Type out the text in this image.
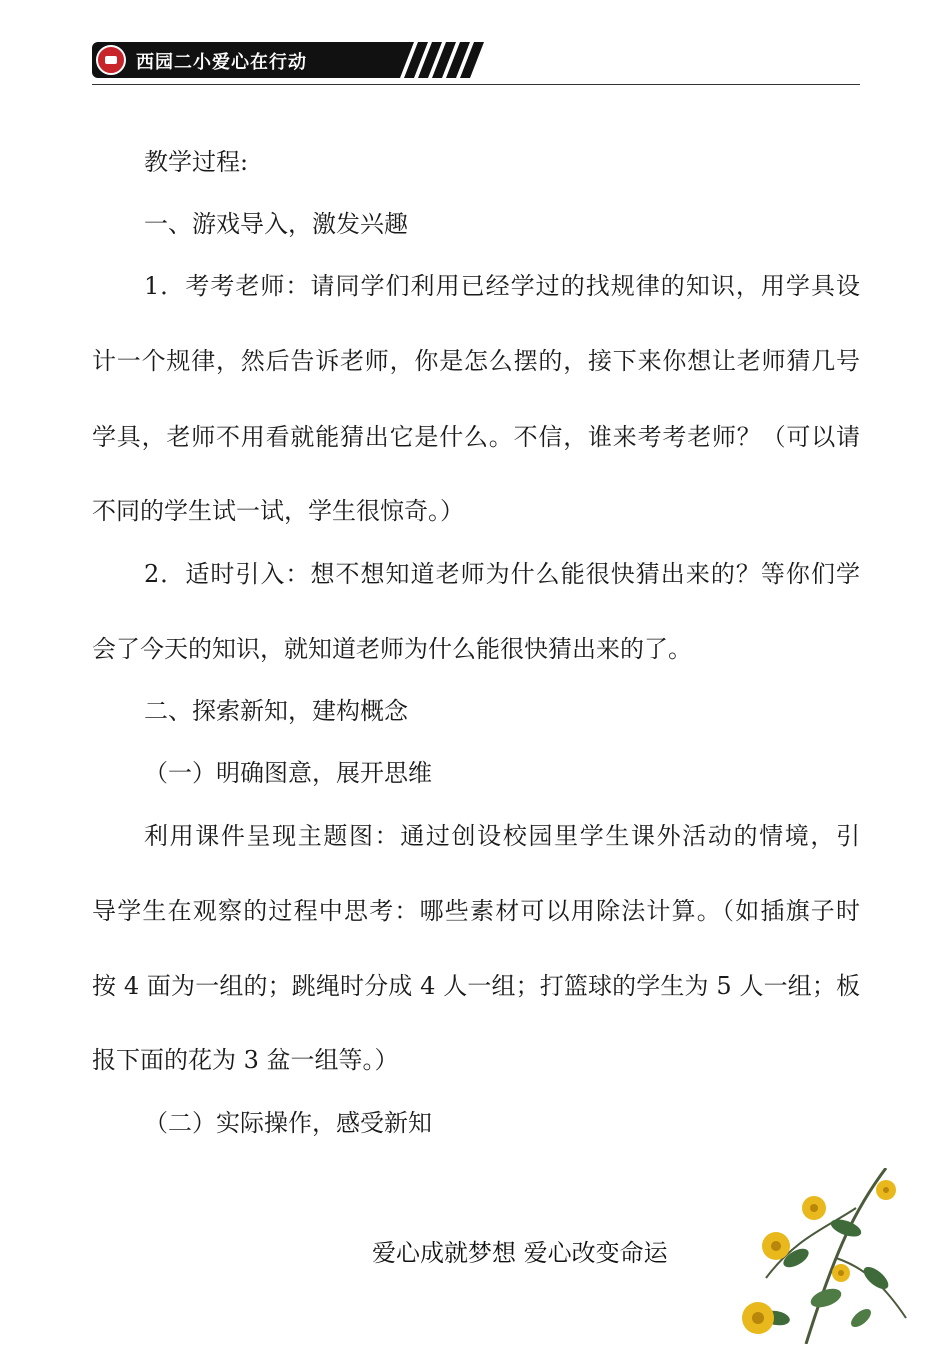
西园二小爱心在行动
教学过程:
一、游戏导入，激发兴趣
1．考考老师：请同学们利用已经学过的找规律的知识，用学具设
计一个规律，然后告诉老师，你是怎么摆的，接下来你想让老师猜几号
学具，老师不用看就能猜出它是什么。不信，谁来考考老师？（可以请
不同的学生试一试，学生很惊奇。）
2．适时引入：想不想知道老师为什么能很快猜出来的？等你们学
会了今天的知识，就知道老师为什么能很快猜出来的了。
二、探索新知，建构概念
（一）明确图意，展开思维
利用课件呈现主题图：通过创设校园里学生课外活动的情境，引
导学生在观察的过程中思考：哪些素材可以用除法计算。（如插旗子时
按 4 面为一组的；跳绳时分成 4 人一组；打篮球的学生为 5 人一组；板
报下面的花为 3 盆一组等。）
（二）实际操作，感受新知
爱心成就梦想 爱心改变命运
